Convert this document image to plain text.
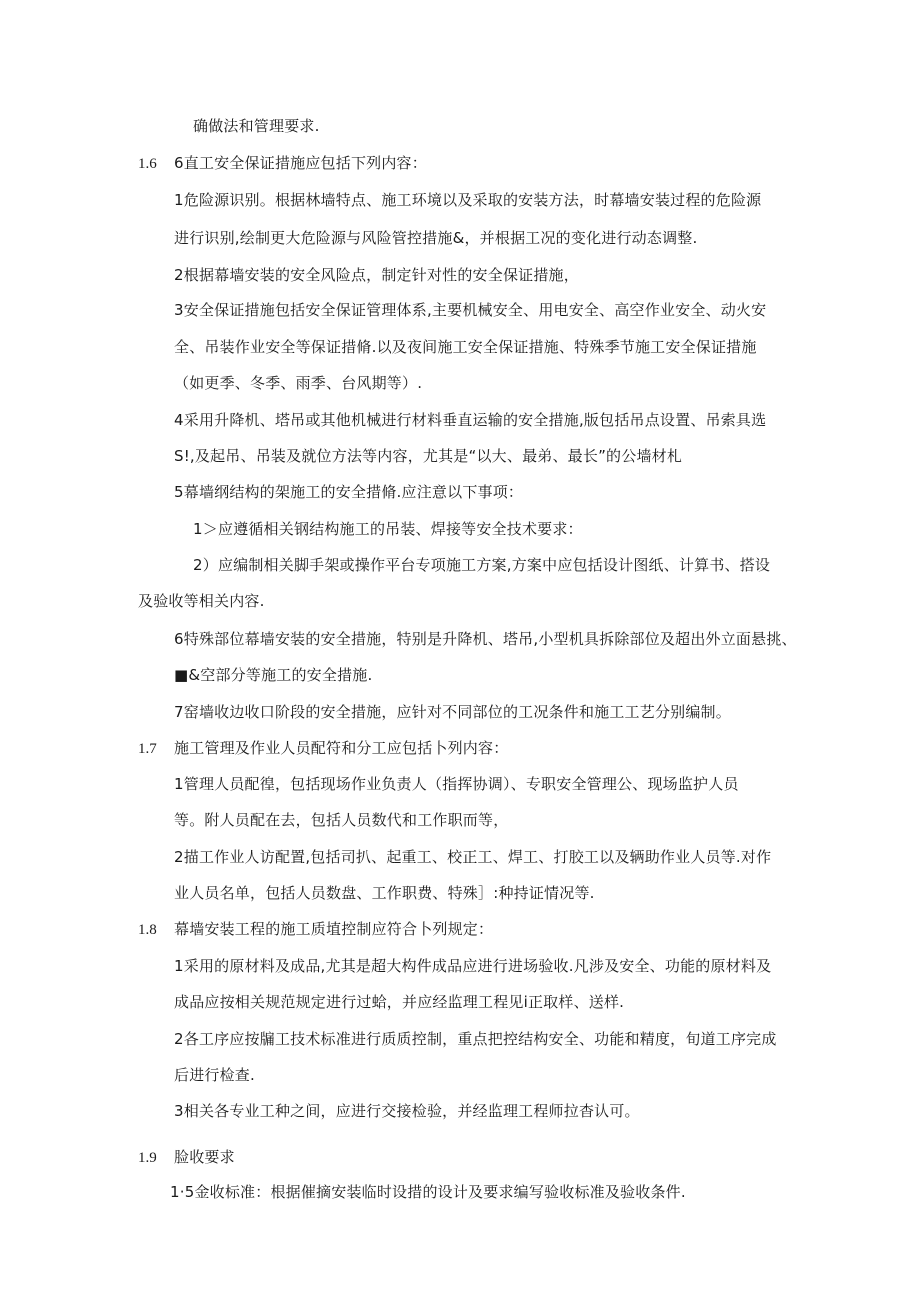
确做法和管理要求.
1.6 6直工安全保证措施应包括下列内容：
1危险源识别。根据林墙特点、施工环境以及采取的安装方法，时幕墙安装过程的危险源
进行识别,绘制更大危险源与风险管控措施&，并根据工况的变化进行动态调整.
2根据幕墙安装的安全风险点，制定针对性的安全保证措施，
3安全保证措施包括安全保证管理体系,主要机械安全、用电安全、高空作业安全、动火安
全、吊装作业安全等保证措脩.以及夜间施工安全保证措施、特殊季节施工安全保证措施
（如更季、冬季、雨季、台风期等）.
4采用升降机、塔吊或其他机械进行材料垂直运输的安全措施,版包括吊点设置、吊索具选
S!,及起吊、吊装及就位方法等内容，尤其是“以大、最弟、最长”的公墙材札
5幕墙纲结构的架施工的安全措脩.应注意以下事项：
1＞应遵循相关钢结构施工的吊装、焊接等安全技术要求：
2）应编制相关脚手架或操作平台专项施工方案,方案中应包括设计图纸、计算书、搭设
及验收等相关内容.
6特殊部位幕墙安装的安全措施，特别是升降机、塔吊,小型机具拆除部位及超出外立面悬挑、
■&空部分等施工的安全措施.
7窑墙收边收口阶段的安全措施，应针对不同部位的工况条件和施工工艺分别编制。
1.7 施工管理及作业人员配符和分工应包括卜列内容：
1管理人员配徨，包括现场作业负责人（指挥协调）、专职安全管理公、现场监护人员
等。附人员配在去，包括人员数代和工作职而等，
2描工作业人访配置,包括司扒、起重工、校正工、焊工、打胶工以及辆助作业人员等.对作
业人员名单，包括人员数盘、工作职费、特殊］:种持证情况等.
1.8 幕墙安装工程的施工质埴控制应符合卜列规定：
1采用的原材料及成品,尤其是超大构件成品应进行进场验收.凡涉及安全、功能的原材料及
成品应按相关规范规定进行过蛤，并应经监理工程见i正取样、送样.
2各工序应按牖工技术标准进行质质控制，重点把控结构安全、功能和精度，旬道工序完成
后进行检查.
3相关各专业工种之间，应进行交接检验，并经监理工程师拉杳认可。
1.9 脸收要求
1·5金收标准：根据催摘安装临时设措的设计及要求编写验收标准及验收条件.
